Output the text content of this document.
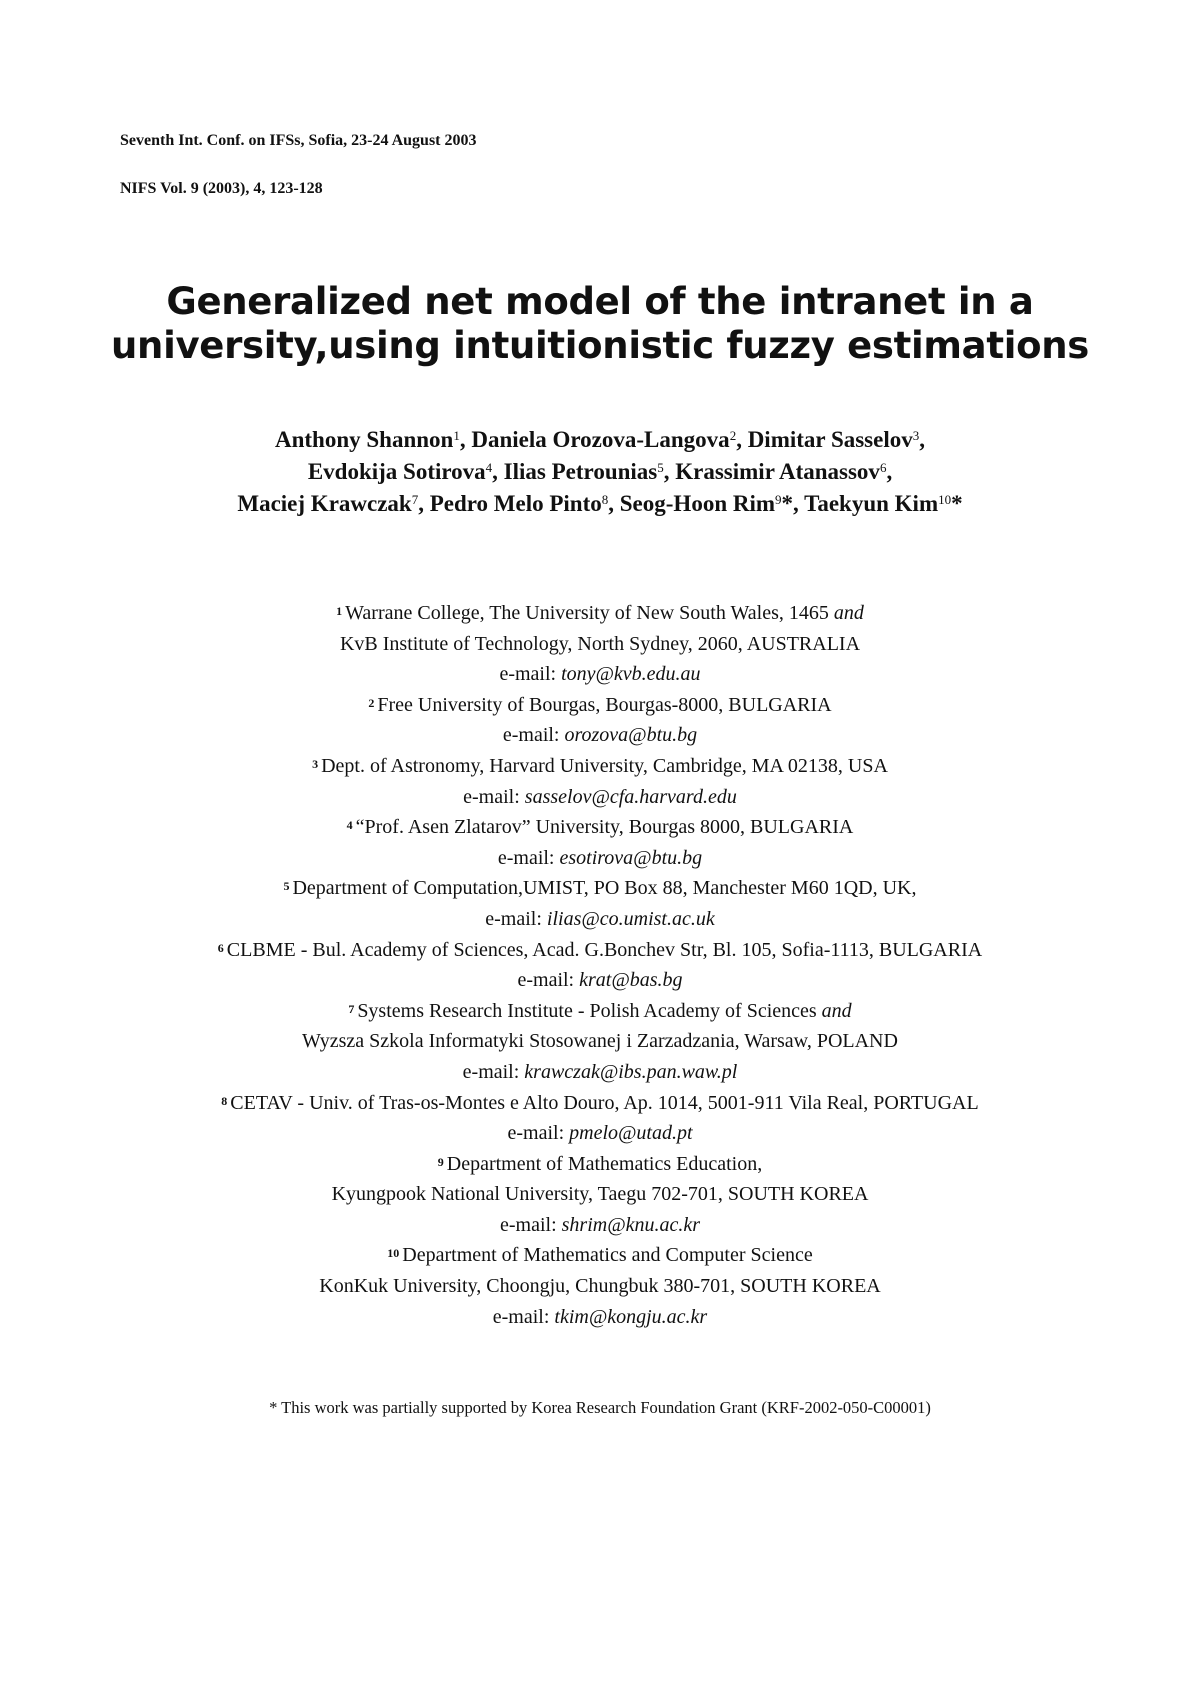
Seventh Int. Conf. on IFSs, Sofia, 23-24 August 2003
NIFS Vol. 9 (2003), 4, 123-128
Generalized net model of the intranet in a
university,using intuitionistic fuzzy estimations
Anthony Shannon$^1$, Daniela Orozova-Langova$^2$, Dimitar Sasselov$^3$,
Evdokija Sotirova$^4$, Ilias Petrounias$^5$, Krassimir Atanassov$^6$,
Maciej Krawczak$^7$, Pedro Melo Pinto$^8$, Seog-Hoon Rim$^9$*, Taekyun Kim$^{10}$*
$^1$ Warrane College, The University of New South Wales, 1465 and
KvB Institute of Technology, North Sydney, 2060, AUSTRALIA
e-mail: tony@kvb.edu.au
$^2$ Free University of Bourgas, Bourgas-8000, BULGARIA
e-mail: orozova@btu.bg
$^3$ Dept. of Astronomy, Harvard University, Cambridge, MA 02138, USA
e-mail: sasselov@cfa.harvard.edu
$^4$ “Prof. Asen Zlatarov” University, Bourgas 8000, BULGARIA
e-mail: esotirova@btu.bg
$^5$ Department of Computation,UMIST, PO Box 88, Manchester M60 1QD, UK,
e-mail: ilias@co.umist.ac.uk
$^6$ CLBME - Bul. Academy of Sciences, Acad. G.Bonchev Str, Bl. 105, Sofia-1113, BULGARIA
e-mail: krat@bas.bg
$^7$ Systems Research Institute - Polish Academy of Sciences and
Wyzsza Szkola Informatyki Stosowanej i Zarzadzania, Warsaw, POLAND
e-mail: krawczak@ibs.pan.waw.pl
$^8$ CETAV - Univ. of Tras-os-Montes e Alto Douro, Ap. 1014, 5001-911 Vila Real, PORTUGAL
e-mail: pmelo@utad.pt
$^9$ Department of Mathematics Education,
Kyungpook National University, Taegu 702-701, SOUTH KOREA
e-mail: shrim@knu.ac.kr
$^{10}$ Department of Mathematics and Computer Science
KonKuk University, Choongju, Chungbuk 380-701, SOUTH KOREA
e-mail: tkim@kongju.ac.kr
* This work was partially supported by Korea Research Foundation Grant (KRF-2002-050-C00001)
